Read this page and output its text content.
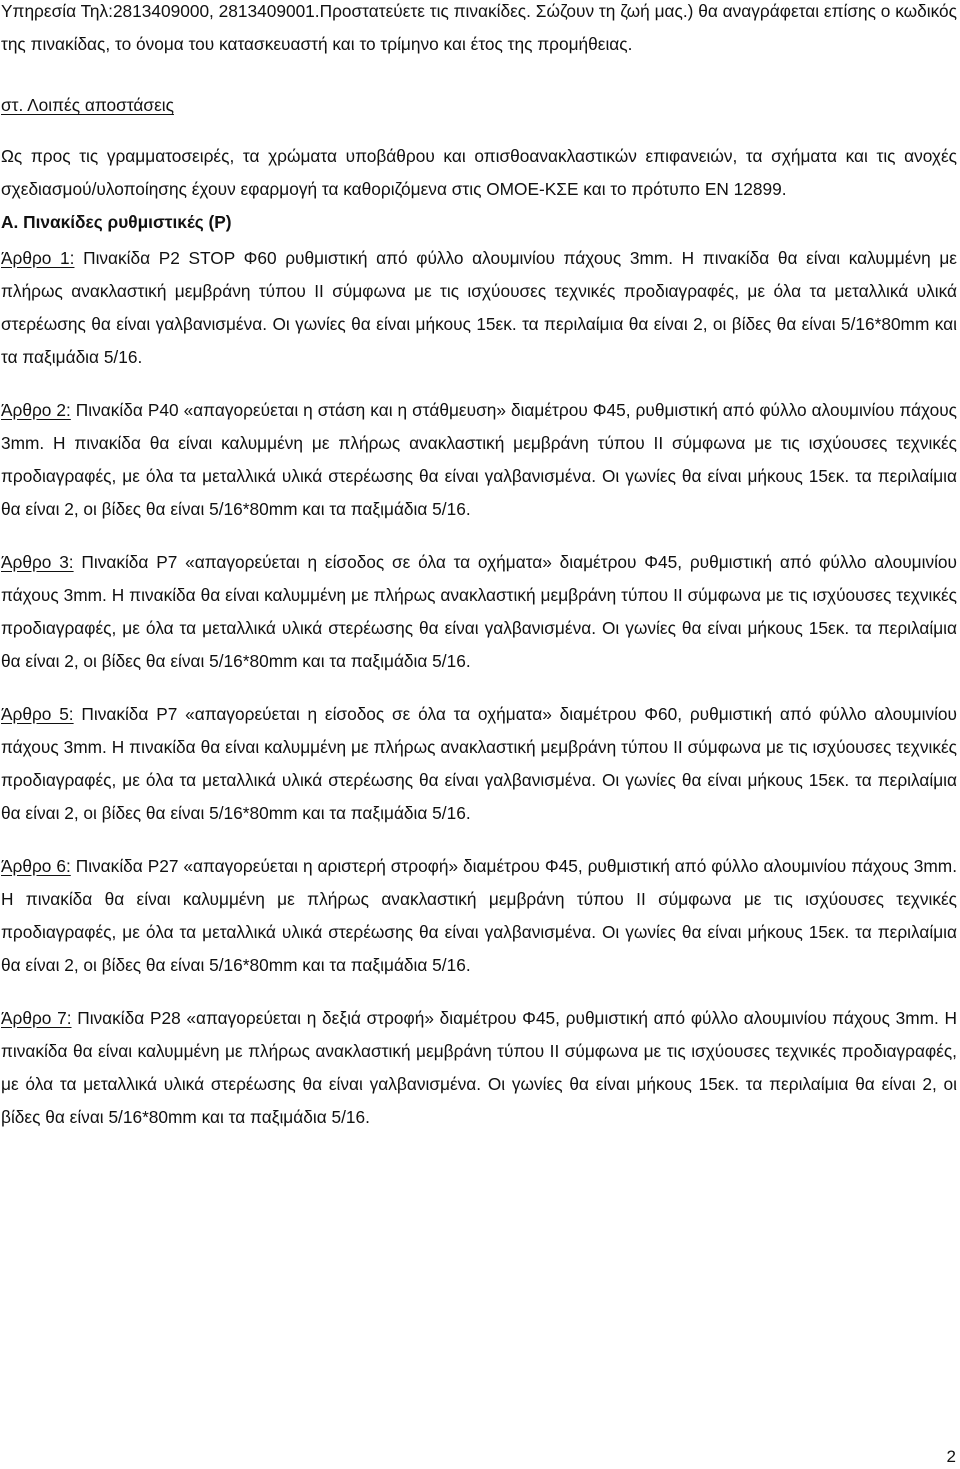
Υπηρεσία Τηλ:2813409000, 2813409001.Προστατεύετε τις πινακίδες. Σώζουν τη ζωή μας.) θα αναγράφεται επίσης ο κωδικός της πινακίδας, το όνομα του κατασκευαστή και το τρίμηνο και έτος της προμήθειας.

στ. Λοιπές αποστάσεις

Ως προς τις γραμματοσειρές, τα χρώματα υποβάθρου και οπισθοανακλαστικών επιφανειών, τα σχήματα και τις ανοχές σχεδιασμού/υλοποίησης έχουν εφαρμογή τα καθοριζόμενα στις ΟΜΟΕ-ΚΣΕ και το πρότυπο ΕΝ 12899.

Α. Πινακίδες ρυθμιστικές (Ρ)

Άρθρο 1: Πινακίδα Ρ2 STOP Φ60 ρυθμιστική από φύλλο αλουμινίου πάχους 3mm. Η πινακίδα θα είναι καλυμμένη με πλήρως ανακλαστική μεμβράνη τύπου ΙΙ σύμφωνα με τις ισχύουσες τεχνικές προδιαγραφές, με όλα τα μεταλλικά υλικά στερέωσης θα είναι γαλβανισμένα. Οι γωνίες θα είναι μήκους 15εκ. τα περιλαίμια θα είναι 2, οι βίδες θα είναι 5/16*80mm και τα παξιμάδια 5/16.

Άρθρο 2: Πινακίδα Ρ40 «απαγορεύεται η στάση και η στάθμευση» διαμέτρου Φ45, ρυθμιστική από φύλλο αλουμινίου πάχους 3mm. Η πινακίδα θα είναι καλυμμένη με πλήρως ανακλαστική μεμβράνη τύπου ΙΙ σύμφωνα με τις ισχύουσες τεχνικές προδιαγραφές, με όλα τα μεταλλικά υλικά στερέωσης θα είναι γαλβανισμένα. Οι γωνίες θα είναι μήκους 15εκ. τα περιλαίμια θα είναι 2, οι βίδες θα είναι 5/16*80mm και τα παξιμάδια 5/16.

Άρθρο 3: Πινακίδα Ρ7 «απαγορεύεται η είσοδος σε όλα τα οχήματα» διαμέτρου Φ45, ρυθμιστική από φύλλο αλουμινίου πάχους 3mm. Η πινακίδα θα είναι καλυμμένη με πλήρως ανακλαστική μεμβράνη τύπου ΙΙ σύμφωνα με τις ισχύουσες τεχνικές προδιαγραφές, με όλα τα μεταλλικά υλικά στερέωσης θα είναι γαλβανισμένα. Οι γωνίες θα είναι μήκους 15εκ. τα περιλαίμια θα είναι 2, οι βίδες θα είναι 5/16*80mm και τα παξιμάδια 5/16.

Άρθρο 5: Πινακίδα Ρ7 «απαγορεύεται η είσοδος σε όλα τα οχήματα» διαμέτρου Φ60, ρυθμιστική από φύλλο αλουμινίου πάχους 3mm. Η πινακίδα θα είναι καλυμμένη με πλήρως ανακλαστική μεμβράνη τύπου ΙΙ σύμφωνα με τις ισχύουσες τεχνικές προδιαγραφές, με όλα τα μεταλλικά υλικά στερέωσης θα είναι γαλβανισμένα. Οι γωνίες θα είναι μήκους 15εκ. τα περιλαίμια θα είναι 2, οι βίδες θα είναι 5/16*80mm και τα παξιμάδια 5/16.

Άρθρο 6: Πινακίδα Ρ27 «απαγορεύεται η αριστερή στροφή» διαμέτρου Φ45, ρυθμιστική από φύλλο αλουμινίου πάχους 3mm. Η πινακίδα θα είναι καλυμμένη με πλήρως ανακλαστική μεμβράνη τύπου ΙΙ σύμφωνα με τις ισχύουσες τεχνικές προδιαγραφές, με όλα τα μεταλλικά υλικά στερέωσης θα είναι γαλβανισμένα. Οι γωνίες θα είναι μήκους 15εκ. τα περιλαίμια θα είναι 2, οι βίδες θα είναι 5/16*80mm και τα παξιμάδια 5/16.

Άρθρο 7: Πινακίδα Ρ28 «απαγορεύεται η δεξιά στροφή» διαμέτρου Φ45, ρυθμιστική από φύλλο αλουμινίου πάχους 3mm. Η πινακίδα θα είναι καλυμμένη με πλήρως ανακλαστική μεμβράνη τύπου ΙΙ σύμφωνα με τις ισχύουσες τεχνικές προδιαγραφές, με όλα τα μεταλλικά υλικά στερέωσης θα είναι γαλβανισμένα. Οι γωνίες θα είναι μήκους 15εκ. τα περιλαίμια θα είναι 2, οι βίδες θα είναι 5/16*80mm και τα παξιμάδια 5/16.

2
